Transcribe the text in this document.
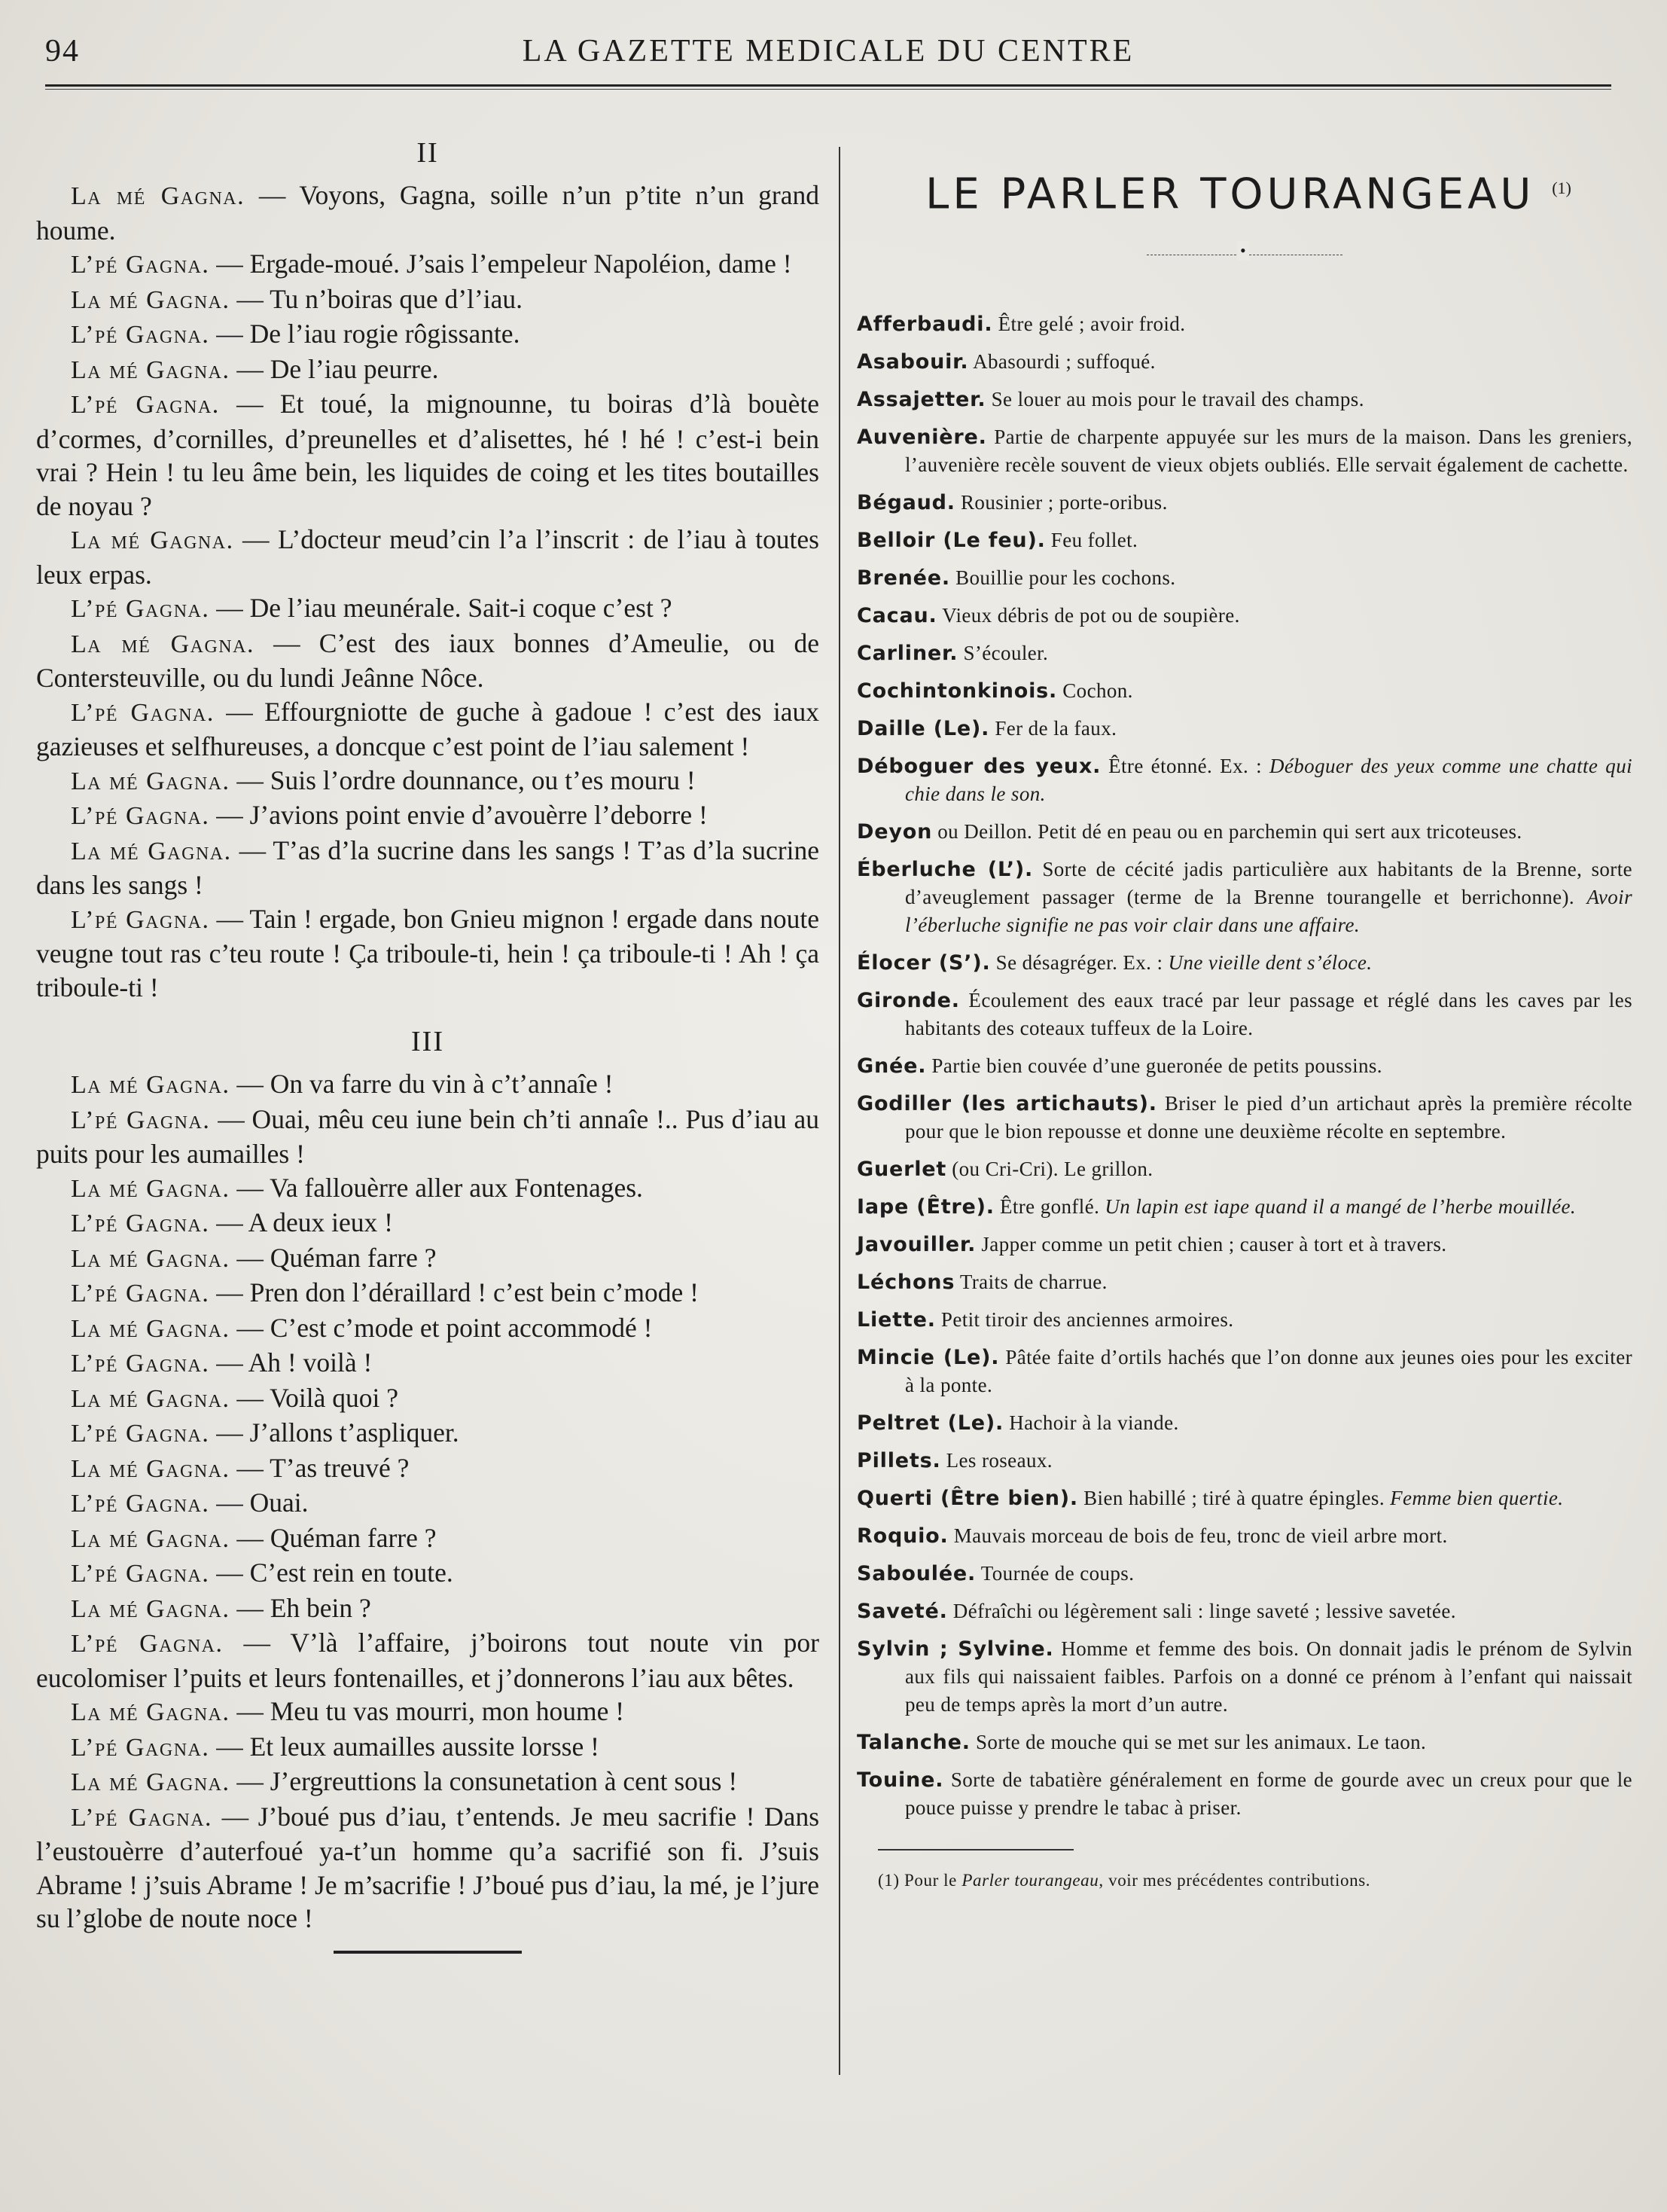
94	LA GAZETTE MEDICALE DU CENTRE
II

La mé Gagna. — Voyons, Gagna, soille n’un p’tite n’un grand houme.

L’pé Gagna. — Ergade-moué. J’sais l’empeleur Napoléion, dame !

La mé Gagna. — Tu n’boiras que d’l’iau.

L’pé Gagna. — De l’iau rogie rôgissante.

La mé Gagna. — De l’iau peurre.

L’pé Gagna. — Et toué, la mignounne, tu boiras d’là bouète d’cormes, d’cornilles, d’preunelles et d’alisettes, hé ! hé ! c’est-i bein vrai ? Hein ! tu leu âme bein, les liquides de coing et les tites boutailles de noyau ?

La mé Gagna. — L’docteur meud’cin l’a l’inscrit : de l’iau à toutes leux erpas.

L’pé Gagna. — De l’iau meunérale. Sait-i coque c’est ?

La mé Gagna. — C’est des iaux bonnes d’Ameulie, ou de Contersteuville, ou du lundi Jeânne Nôce.

L’pé Gagna. — Effourgniotte de guche à gadoue ! c’est des iaux gazieuses et selfhureuses, a doncque c’est point de l’iau salement !

La mé Gagna. — Suis l’ordre dounnance, ou t’es mouru !

L’pé Gagna. — J’avions point envie d’avouèrre l’deborre !

La mé Gagna. — T’as d’la sucrine dans les sangs ! T’as d’la sucrine dans les sangs !

L’pé Gagna. — Tain ! ergade, bon Gnieu mignon ! ergade dans noute veugne tout ras c’teu route ! Ça triboule-ti, hein ! ça triboule-ti ! Ah ! ça triboule-ti !

III

La mé Gagna. — On va farre du vin à c’t’annaîe !

L’pé Gagna. — Ouai, mêu ceu iune bein ch’ti annaîe !.. Pus d’iau au puits pour les aumailles !

La mé Gagna. — Va fallouèrre aller aux Fontenages.

L’pé Gagna. — A deux ieux !

La mé Gagna. — Quéman farre ?

L’pé Gagna. — Pren don l’déraillard ! c’est bein c’mode !

La mé Gagna. — C’est c’mode et point accommodé !

L’pé Gagna. — Ah ! voilà !

La mé Gagna. — Voilà quoi ?

L’pé Gagna. — J’allons t’aspliquer.

La mé Gagna. — T’as treuvé ?

L’pé Gagna. — Ouai.

La mé Gagna. — Quéman farre ?

L’pé Gagna. — C’est rein en toute.

La mé Gagna. — Eh bein ?

L’pé Gagna. — V’là l’affaire, j’boirons tout noute vin por eucolomiser l’puits et leurs fontenailles, et j’donnerons l’iau aux bêtes.

La mé Gagna. — Meu tu vas mourri, mon houme !

L’pé Gagna. — Et leux aumailles aussite lorsse !

La mé Gagna. — J’ergreuttions la consunetation à cent sous !

L’pé Gagna. — J’boué pus d’iau, t’entends. Je meu sacrifie ! Dans l’eustouèrre d’auterfoué ya-t’un homme qu’a sacrifié son fi. J’suis Abrame ! j’suis Abrame ! Je m’sacrifie ! J’boué pus d’iau, la mé, je l’jure su l’globe de noute noce !

LE PARLER TOURANGEAU $^{(1)}$
•
Afferbaudi. Être gelé ; avoir froid.
Asabouir. Abasourdi ; suffoqué.
Assajetter. Se louer au mois pour le travail des champs.
Auvenière. Partie de charpente appuyée sur les murs de la maison. Dans les greniers, l’auvenière recèle souvent de vieux objets oubliés. Elle servait également de cachette.
Bégaud. Rousinier ; porte-oribus.
Belloir (Le feu). Feu follet.
Brenée. Bouillie pour les cochons.
Cacau. Vieux débris de pot ou de soupière.
Carliner. S’écouler.
Cochintonkinois. Cochon.
Daille (Le). Fer de la faux.
Déboguer des yeux. Être étonné. Ex. : Déboguer des yeux comme une chatte qui chie dans le son.
Deyon ou Deillon. Petit dé en peau ou en parchemin qui sert aux tricoteuses.
Éberluche (L’). Sorte de cécité jadis particulière aux habitants de la Brenne, sorte d’aveuglement passager (terme de la Brenne tourangelle et berrichonne). Avoir l’éberluche signifie ne pas voir clair dans une affaire.
Élocer (S’). Se désagréger. Ex. : Une vieille dent s’éloce.
Gironde. Écoulement des eaux tracé par leur passage et réglé dans les caves par les habitants des coteaux tuffeux de la Loire.
Gnée. Partie bien couvée d’une gueronée de petits poussins.
Godiller (les artichauts). Briser le pied d’un artichaut après la première récolte pour que le bion repousse et donne une deuxième récolte en septembre.
Guerlet (ou Cri-Cri). Le grillon.
Iape (Être). Être gonflé. Un lapin est iape quand il a mangé de l’herbe mouillée.
Javouiller. Japper comme un petit chien ; causer à tort et à travers.
Léchons Traits de charrue.
Liette. Petit tiroir des anciennes armoires.
Mincie (Le). Pâtée faite d’ortils hachés que l’on donne aux jeunes oies pour les exciter à la ponte.
Peltret (Le). Hachoir à la viande.
Pillets. Les roseaux.
Querti (Être bien). Bien habillé ; tiré à quatre épingles. Femme bien quertie.
Roquio. Mauvais morceau de bois de feu, tronc de vieil arbre mort.
Saboulée. Tournée de coups.
Saveté. Défraîchi ou légèrement sali : linge saveté ; lessive savetée.
Sylvin ; Sylvine. Homme et femme des bois. On donnait jadis le prénom de Sylvin aux fils qui naissaient faibles. Parfois on a donné ce prénom à l’enfant qui naissait peu de temps après la mort d’un autre.
Talanche. Sorte de mouche qui se met sur les animaux. Le taon.
Touine. Sorte de tabatière généralement en forme de gourde avec un creux pour que le pouce puisse y prendre le tabac à priser.
(1) Pour le Parler tourangeau, voir mes précédentes contributions.
